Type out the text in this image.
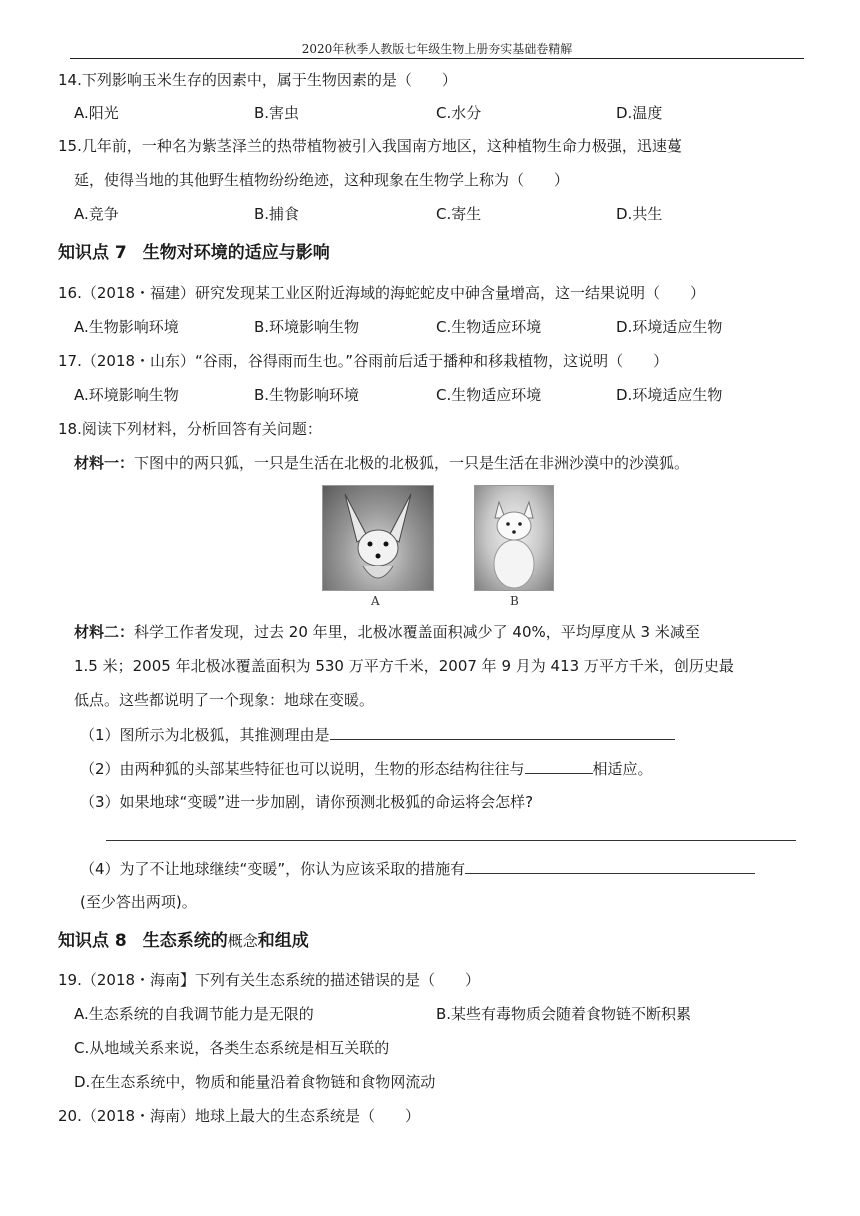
2020年秋季人教版七年级生物上册夯实基础卷精解
14.下列影响玉米生存的因素中，属于生物因素的是（　　）
A.阳光	B.害虫	C.水分	D.温度
15.几年前，一种名为紫茎泽兰的热带植物被引入我国南方地区，这种植物生命力极强，迅速蔓
延，使得当地的其他野生植物纷纷绝迹，这种现象在生物学上称为（　　）
A.竞争	B.捕食	C.寄生	D.共生
知识点 7 生物对环境的适应与影响
16.（2018・福建）研究发现某工业区附近海域的海蛇蛇皮中砷含量增高，这一结果说明（　　）
A.生物影响环境	B.环境影响生物	C.生物适应环境	D.环境适应生物
17.（2018・山东）“谷雨，谷得雨而生也。”谷雨前后适于播种和移栽植物，这说明（　　）
A.环境影响生物	B.生物影响环境	C.生物适应环境	D.环境适应生物
18.阅读下列材料，分析回答有关问题：
材料一：下图中的两只狐，一只是生活在北极的北极狐，一只是生活在非洲沙漠中的沙漠狐。
A	B
材料二：科学工作者发现，过去 20 年里，北极冰覆盖面积减少了 40%，平均厚度从 3 米减至
1.5 米；2005 年北极冰覆盖面积为 530 万平方千米，2007 年 9 月为 413 万平方千米，创历史最
低点。这些都说明了一个现象：地球在变暖。
（1）图所示为北极狐，其推测理由是
（2）由两种狐的头部某些特征也可以说明，生物的形态结构往往与	相适应。
（3）如果地球“变暖”进一步加剧，请你预测北极狐的命运将会怎样?
（4）为了不让地球继续“变暖”，你认为应该采取的措施有
(至少答出两项)。
知识点 8 生态系统的概念和组成
19.（2018・海南】下列有关生态系统的描述错误的是（　　）
A.生态系统的自我调节能力是无限的	B.某些有毒物质会随着食物链不断积累
C.从地域关系来说，各类生态系统是相互关联的
D.在生态系统中，物质和能量沿着食物链和食物网流动
20.（2018・海南）地球上最大的生态系统是（　　）
